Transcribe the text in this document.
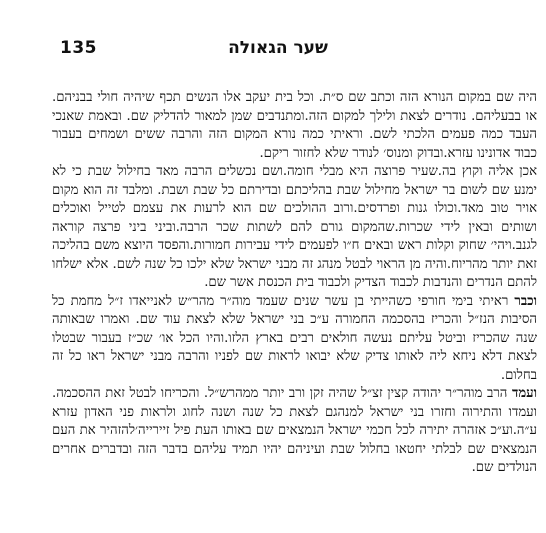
135	שער הגאולה

היה שם במקום הנורא הזה וכתב שם ס״ת. וכל בית יעקב אלו הנשים תכף שיהיה חולי בבניהם. או בבעליהם. נודרים לצאת ולילך למקום הזה.ומתנדבים שמן למאור להדליק שם. ובאמת שאנכי העבד כמה פעמים הלכתי לשם. וראיתי כמה נורא המקום הזה והרבה ששים ושמחים בעבור כבוד אדונינו עזרא.ובדוק ומנוס׳ לנודר שלא לחזור ריקם.

אכן אליה וקוץ בה.שעיר פרוצה היא מבלי חומה.ושם נכשלים הרבה מאד בחילול שבת כי לא ימנע שם לשום בר ישראל מחילול שבת בהליכתם ובדירתם כל שבת ושבת. ומלבד זה הוא מקום אויר טוב מאד.וכולו גנות ופרדסים.ורוב ההולכים שם הוא לרעות את עצמם לטייל ואוכלים ושותים ובאין לידי שכרות.שהמקום גורם להם לשתות שכר הרבה.וביני ביני פרצה קוראה לגנב.ויהי׳ שחוק וקלות ראש ובאים ח״ו לפעמים לידי עבירות חמורות.והפסד היוצא משם בהליכה זאת יותר מהריוח.והיה מן הראוי לבטל מנהג זה מבני ישראל שלא ילכו כל שנה לשם. אלא ישלחו להתם הנדרים והנדבות לכבוד הצדיק ולכבוד בית הכנסת אשר שם.

וכבר ראיתי בימי חורפי כשהייתי בן עשר שנים שעמד מוה״ר מהר״ש לאנייאדו ז״ל מחמת כל הסיבות הנז״ל והכריז בהסכמה החמורה ע״כ בני ישראל שלא לצאת עוד שם. ואמרו שבאותה שנה שהכריז וביטל עליתם נעשה חולאים רבים בארץ הלזו.והיו הכל או׳ שכ״ז בעבור שבטלו לצאת דלא ניחא ליה לאותו צדיק שלא יבואו לראות שם לפניו והרבה מבני ישראל ראו כל זה בחלום.

ועמד הרב מוהר״ר יהודה קצין זצ״ל שהיה זקן ורב יותר ממהרש״ל. והכריחו לבטל זאת ההסכמה. ועמדו והתירוה וחזרו בני ישראל למנהגם לצאת כל שנה ושנה לחוג ולראות פני האדון עזרא ע״ה.וע״כ אזהרה יתירה לכל חכמי ישראל הנמצאים שם באותו העת פיל זיירייה׳להזהיר את העם הנמצאים שם לבלתי יחטאו בחלול שבת ועיניהם יהיו תמיד עליהם בדבר הזה ובדברים אחרים הנולדים שם.
